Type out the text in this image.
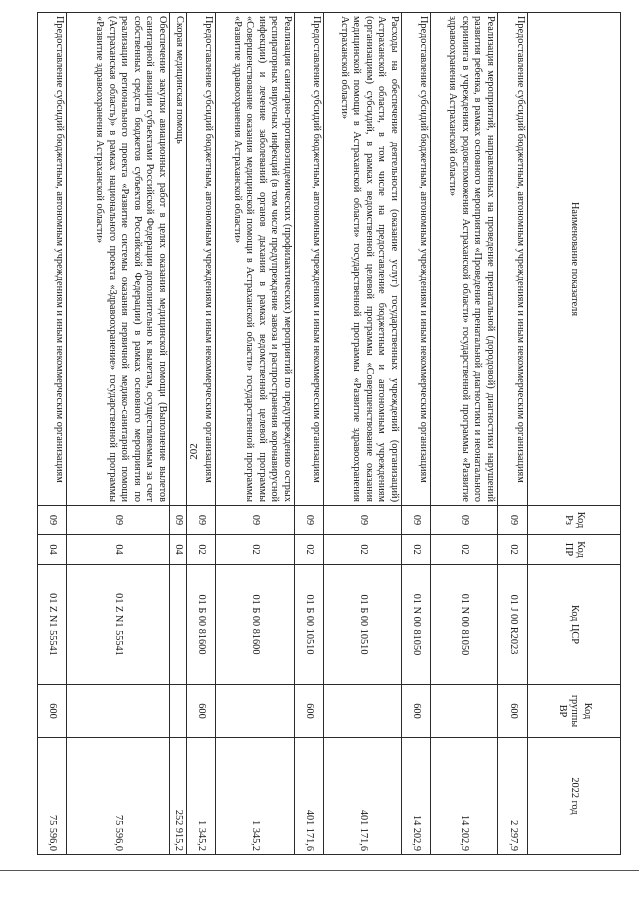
202
Наименование показателя	Код Рз	Код ПР	Код ЦСР	Код группы ВР	2022 год
Предоставление субсидий бюджетным, автономным учреждениям и иным некоммерческим организациям	09	02	01 J 00 R2023	600	2 297,9
Реализация мероприятий, направленных на проведение пренатальной (дородовой) диагностики нарушений развития ребенка, в рамках основного мероприятия «Проведение пренатальной диагностики и неонатального скрининга в учреждениях родовспоможения Астраханской области» государственной программы «Развитие здравоохранения Астраханской области»	09	02	01 N 00 81050		14 202,9
Предоставление субсидий бюджетным, автономным учреждениям и иным некоммерческим организациям	09	02	01 N 00 81050	600	14 202,9
Расходы на обеспечение деятельности (оказание услуг) государственных учреждений (организаций) Астраханской области, в том числе на предоставление бюджетным и автономным учреждениям (организациям) субсидий, в рамках ведомственной целевой программы «Совершенствование оказания медицинской помощи в Астраханской области» государственной программы «Развитие здравоохранения Астраханской области»	09	02	01 Б 00 10510		401 171,6
Предоставление субсидий бюджетным, автономным учреждениям и иным некоммерческим организациям	09	02	01 Б 00 10510	600	401 171,6
Реализация санитарно-противоэпидемических (профилактических) мероприятий по предупреждению острых респираторных вирусных инфекций (в том числе предупреждение завоза и распространения коронавирусной инфекции) и лечение заболеваний органов дыхания в рамках ведомственной целевой программы «Совершенствование оказания медицинской помощи в Астраханской области» государственной программы «Развитие здравоохранения Астраханской области»	09	02	01 Б 00 81600		1 345,2
Предоставление субсидий бюджетным, автономным учреждениям и иным некоммерческим организациям	09	02	01 Б 00 81600	600	1 345,2
Скорая медицинская помощь	09	04			252 915,2
Обеспечение закупки авиационных работ в целях оказания медицинской помощи (Выполнение вылетов санитарной авиации субъектами Российской Федерации дополнительно к вылетам, осуществляемым за счет собственных средств бюджетов субъектов Российской Федерации) в рамках основного мероприятия по реализации регионального проекта «Развитие системы оказания первичной медико-санитарной помощи (Астраханская область)» в рамках национального проекта «Здравоохранение» государственной программы «Развитие здравоохранения Астраханской области»	09	04	01 Z N1 55541		75 596,0
Предоставление субсидий бюджетным, автономным учреждениям и иным некоммерческим организациям	09	04	01 Z N1 55541	600	75 596,0
